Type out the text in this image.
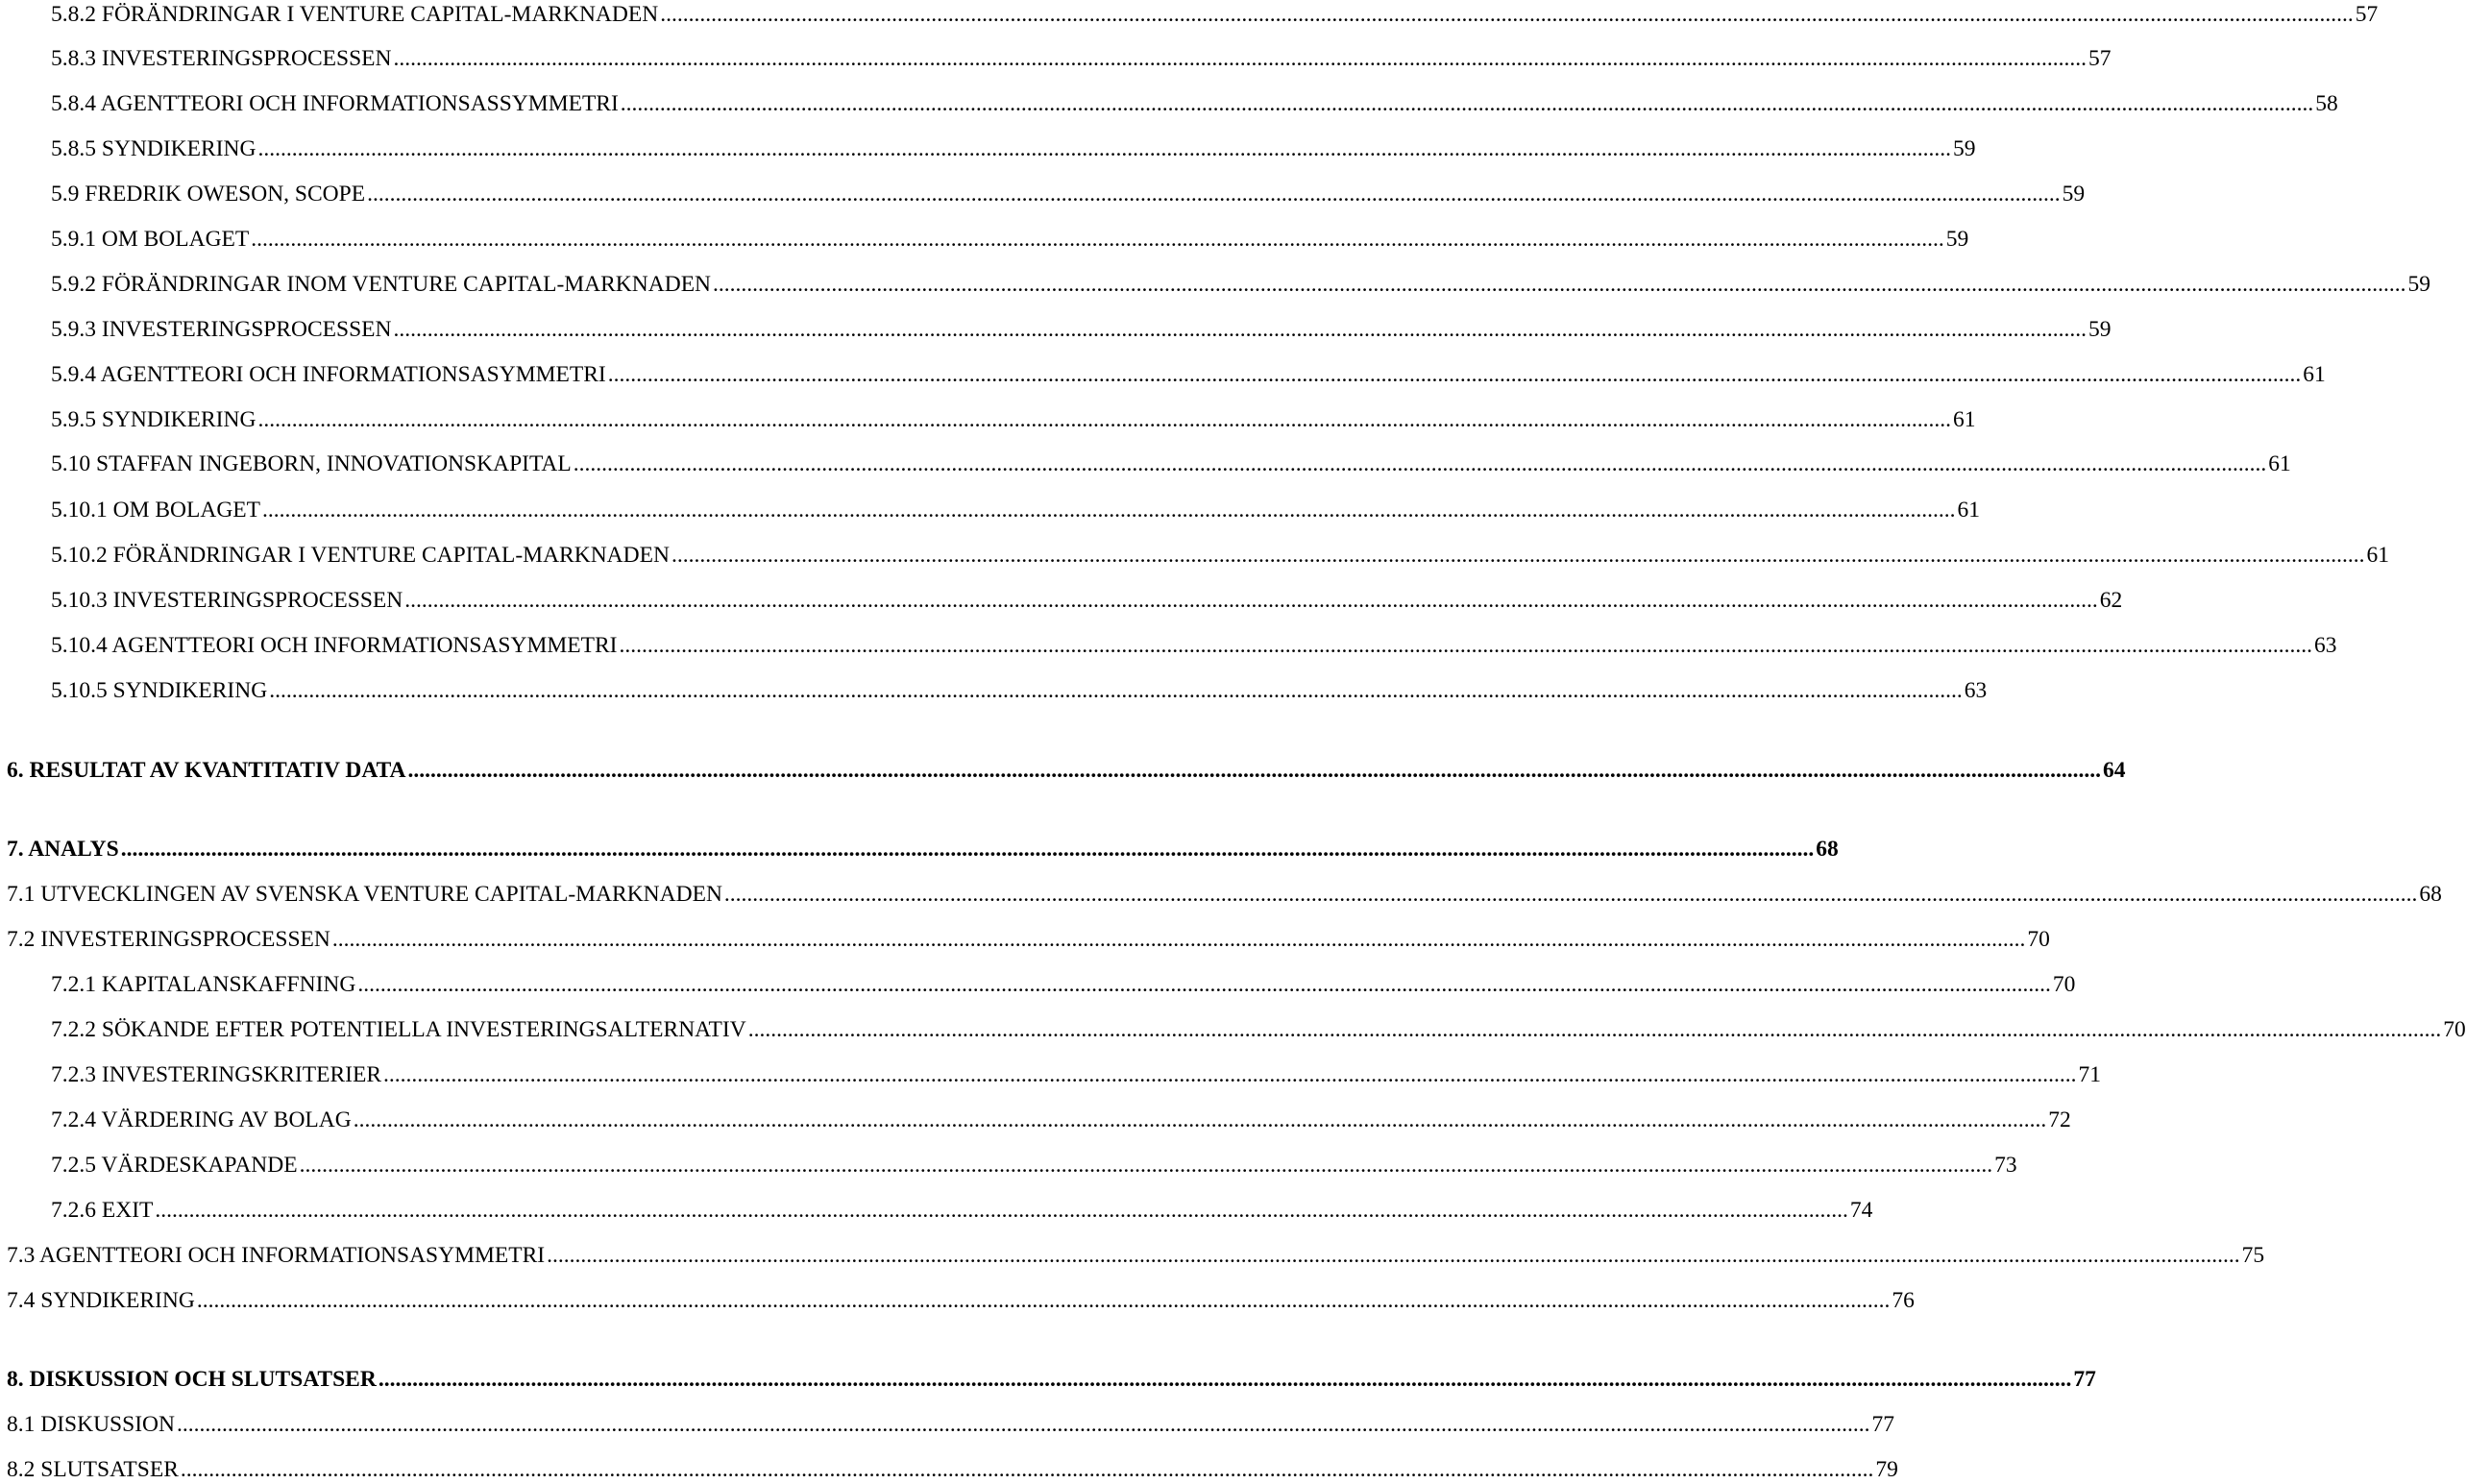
5.8.2 FÖRÄNDRINGAR I VENTURE CAPITAL-MARKNADEN ............................................................................................................................................................................................................................................................................................................ 57
5.8.3 INVESTERINGSPROCESSEN ............................................................................................................................................................................................................................................................................................................ 57
5.8.4 AGENTTEORI OCH INFORMATIONSASSYMMETRI ............................................................................................................................................................................................................................................................................................................ 58
5.8.5 SYNDIKERING ............................................................................................................................................................................................................................................................................................................ 59
5.9 FREDRIK OWESON, SCOPE ............................................................................................................................................................................................................................................................................................................ 59
5.9.1 OM BOLAGET ............................................................................................................................................................................................................................................................................................................ 59
5.9.2 FÖRÄNDRINGAR INOM VENTURE CAPITAL-MARKNADEN ............................................................................................................................................................................................................................................................................................................ 59
5.9.3 INVESTERINGSPROCESSEN ............................................................................................................................................................................................................................................................................................................ 59
5.9.4 AGENTTEORI OCH INFORMATIONSASYMMETRI ............................................................................................................................................................................................................................................................................................................ 61
5.9.5 SYNDIKERING ............................................................................................................................................................................................................................................................................................................ 61
5.10 STAFFAN INGEBORN, INNOVATIONSKAPITAL ............................................................................................................................................................................................................................................................................................................ 61
5.10.1 OM BOLAGET ............................................................................................................................................................................................................................................................................................................ 61
5.10.2 FÖRÄNDRINGAR I VENTURE CAPITAL-MARKNADEN ............................................................................................................................................................................................................................................................................................................ 61
5.10.3 INVESTERINGSPROCESSEN ............................................................................................................................................................................................................................................................................................................ 62
5.10.4 AGENTTEORI OCH INFORMATIONSASYMMETRI ............................................................................................................................................................................................................................................................................................................ 63
5.10.5 SYNDIKERING ............................................................................................................................................................................................................................................................................................................ 63
6. RESULTAT AV KVANTITATIV DATA ............................................................................................................................................................................................................................................................................................................ 64
7. ANALYS ............................................................................................................................................................................................................................................................................................................ 68
7.1 UTVECKLINGEN AV SVENSKA VENTURE CAPITAL-MARKNADEN ............................................................................................................................................................................................................................................................................................................ 68
7.2 INVESTERINGSPROCESSEN ............................................................................................................................................................................................................................................................................................................ 70
7.2.1 KAPITALANSKAFFNING ............................................................................................................................................................................................................................................................................................................ 70
7.2.2 SÖKANDE EFTER POTENTIELLA INVESTERINGSALTERNATIV ............................................................................................................................................................................................................................................................................................................ 70
7.2.3 INVESTERINGSKRITERIER ............................................................................................................................................................................................................................................................................................................ 71
7.2.4 VÄRDERING AV BOLAG ............................................................................................................................................................................................................................................................................................................ 72
7.2.5 VÄRDESKAPANDE ............................................................................................................................................................................................................................................................................................................ 73
7.2.6 EXIT ............................................................................................................................................................................................................................................................................................................ 74
7.3 AGENTTEORI OCH INFORMATIONSASYMMETRI ............................................................................................................................................................................................................................................................................................................ 75
7.4 SYNDIKERING ............................................................................................................................................................................................................................................................................................................ 76
8. DISKUSSION OCH SLUTSATSER ............................................................................................................................................................................................................................................................................................................ 77
8.1 DISKUSSION ............................................................................................................................................................................................................................................................................................................ 77
8.2 SLUTSATSER ............................................................................................................................................................................................................................................................................................................ 79
